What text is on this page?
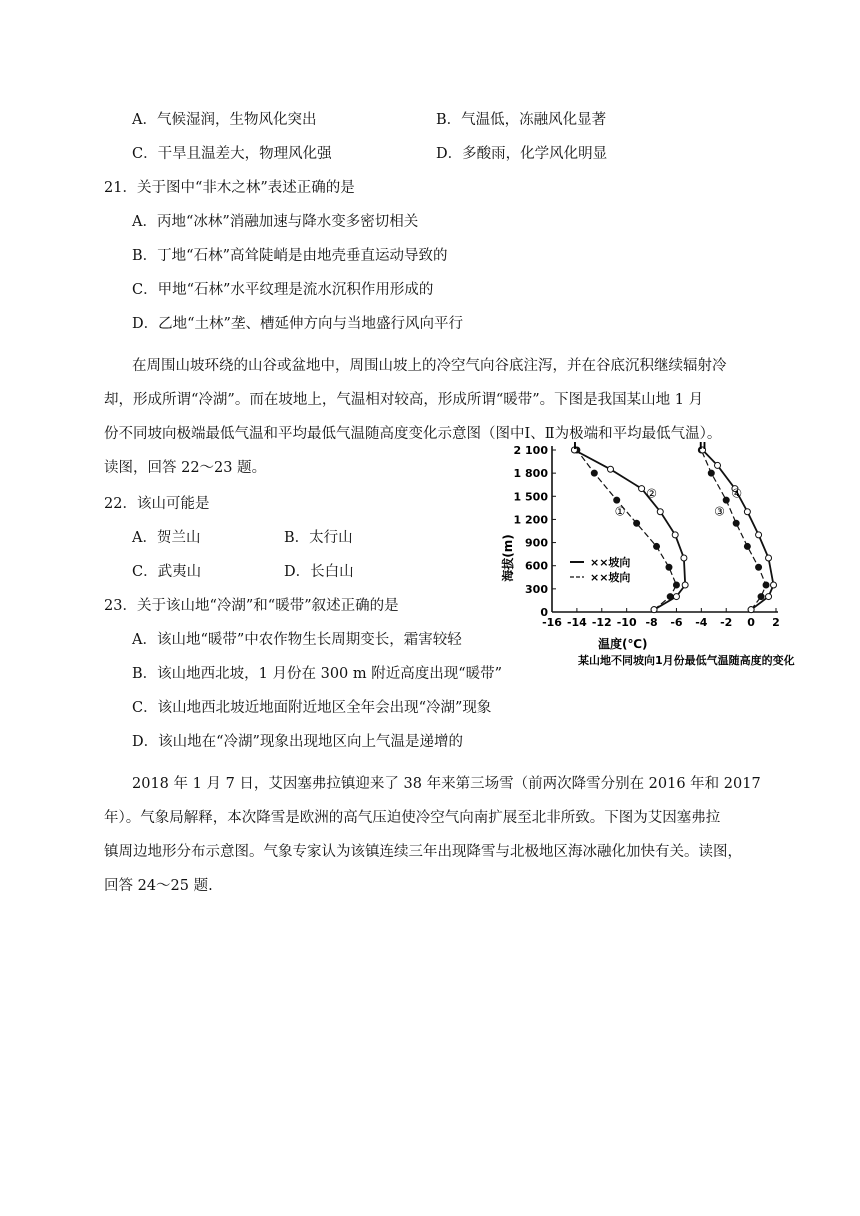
A．气候湿润，生物风化突出	B．气温低，冻融风化显著
C．干旱且温差大，物理风化强	D．多酸雨，化学风化明显
21．关于图中“非木之林”表述正确的是
A．丙地“冰林”消融加速与降水变多密切相关
B．丁地“石林”高耸陡峭是由地壳垂直运动导致的
C．甲地“石林”水平纹理是流水沉积作用形成的
D．乙地“土林”垄、槽延伸方向与当地盛行风向平行
在周围山坡环绕的山谷或盆地中，周围山坡上的冷空气向谷底注泻，并在谷底沉积继续辐射冷
却，形成所谓“冷湖”。而在坡地上，气温相对较高，形成所谓“暖带”。下图是我国某山地 1 月
份不同坡向极端最低气温和平均最低气温随高度变化示意图（图中Ⅰ、Ⅱ为极端和平均最低气温）。
读图，回答 22～23 题。
22．该山可能是
A．贺兰山	B．太行山
C．武夷山	D．长白山
23．关于该山地“冷湖”和“暖带”叙述正确的是
A．该山地“暖带”中农作物生长周期变长，霜害较轻
B．该山地西北坡，1 月份在 300 m 附近高度出现“暖带”
C．该山地西北坡近地面附近地区全年会出现“冷湖”现象
D．该山地在“冷湖”现象出现地区向上气温是递增的
2018 年 1 月 7 日，艾因塞弗拉镇迎来了 38 年来第三场雪（前两次降雪分别在 2016 年和 2017
年）。气象局解释，本次降雪是欧洲的高气压迫使冷空气向南扩展至北非所致。下图为艾因塞弗拉
镇周边地形分布示意图。气象专家认为该镇连续三年出现降雪与北极地区海冰融化加快有关。读图，
回答 24～25 题.
0
300
600
900
1 200
1 500
1 800
2 100
-16 -14 -12 -10 -8 -6 -4 -2 0 2
①
②
③
④
I	II
××坡向
××坡向
海拔(m)
温度(℃)
某山地不同坡向1月份最低气温随高度的变化
